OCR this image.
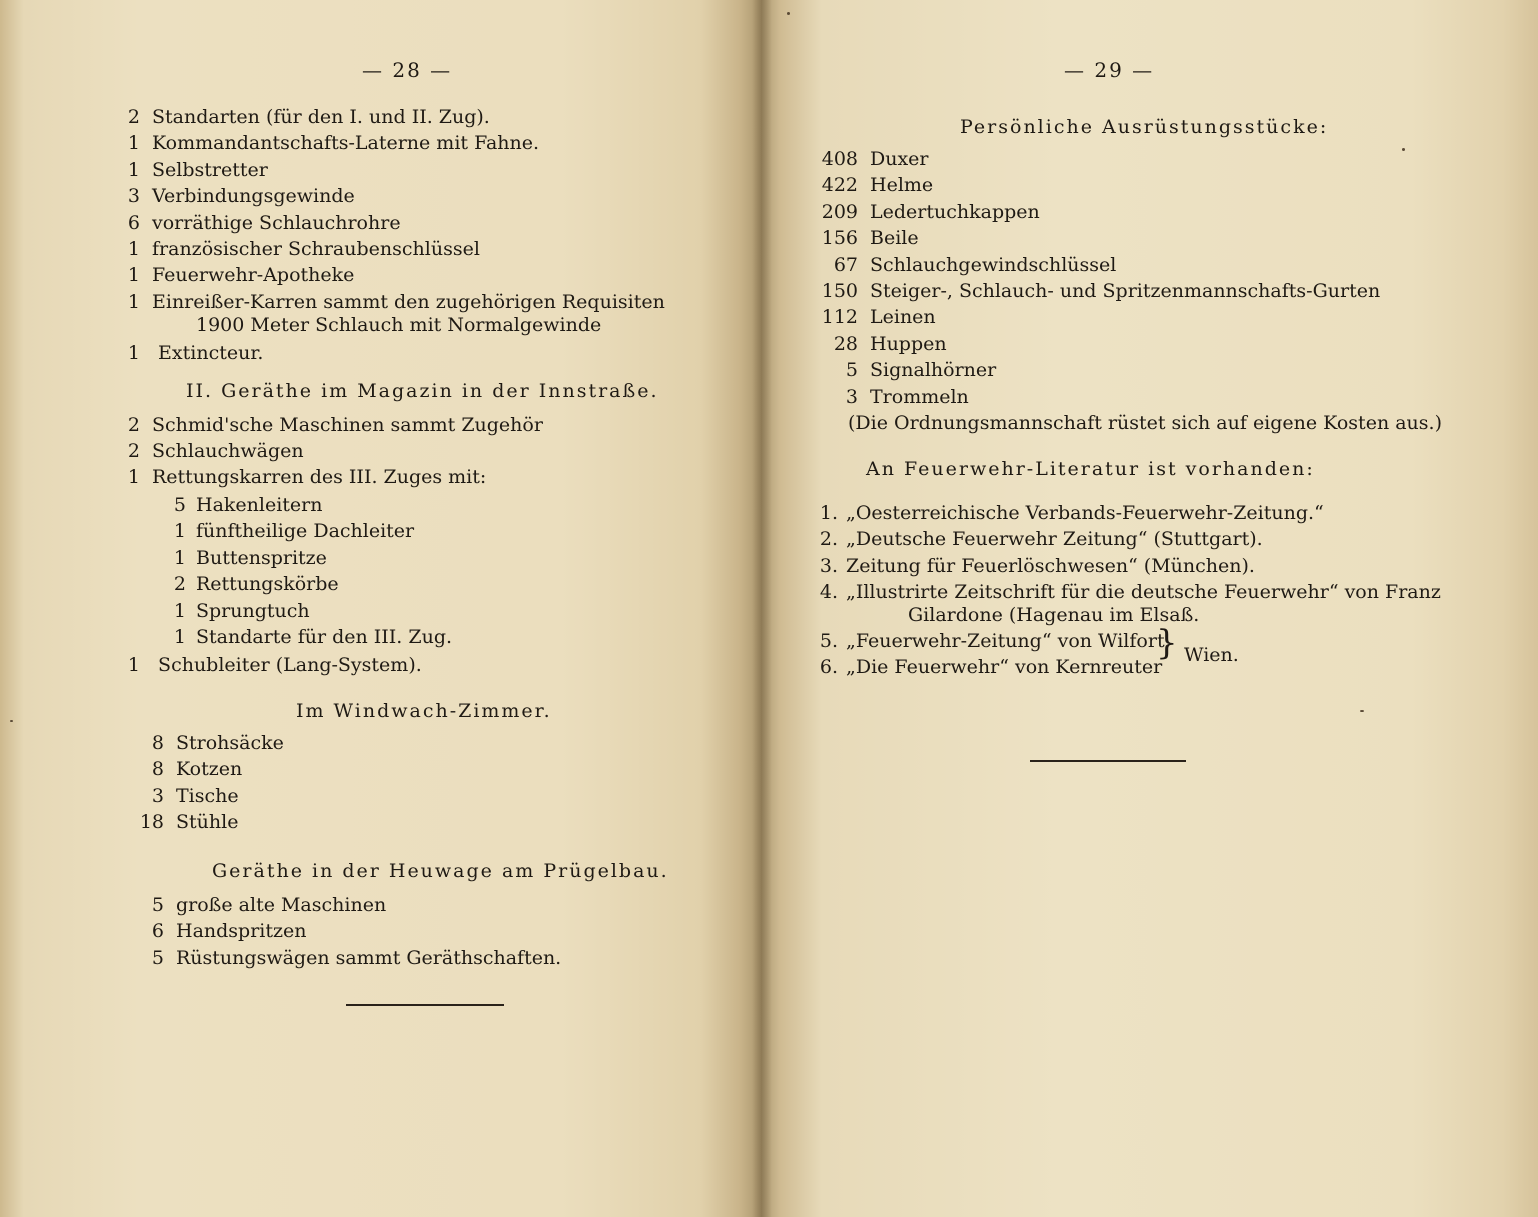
— 28 —
2 Standarten (für den I. und II. Zug).
1 Kommandantschafts-Laterne mit Fahne.
1 Selbstretter
3 Verbindungsgewinde
6 vorräthige Schlauchrohre
1 französischer Schraubenschlüssel
1 Feuerwehr-Apotheke
1 Einreißer-Karren sammt den zugehörigen Requisiten
1900 Meter Schlauch mit Normalgewinde
1 Extincteur.
II. Geräthe im Magazin in der Innstraße.
2 Schmid'sche Maschinen sammt Zugehör
2 Schlauchwägen
1 Rettungskarren des III. Zuges mit:
5 Hakenleitern
1 fünftheilige Dachleiter
1 Buttenspritze
2 Rettungskörbe
1 Sprungtuch
1 Standarte für den III. Zug.
1 Schubleiter (Lang-System).
Im Windwach-Zimmer.
8 Strohsäcke
8 Kotzen
3 Tische
18 Stühle
Geräthe in der Heuwage am Prügelbau.
5 große alte Maschinen
6 Handspritzen
5 Rüstungswägen sammt Geräthschaften.
— 29 —
Persönliche Ausrüstungsstücke:
408 Duxer
422 Helme
209 Ledertuchkappen
156 Beile
67 Schlauchgewindschlüssel
150 Steiger-, Schlauch- und Spritzenmannschafts-Gurten
112 Leinen
28 Huppen
5 Signalhörner
3 Trommeln
(Die Ordnungsmannschaft rüstet sich auf eigene Kosten aus.)
An Feuerwehr-Literatur ist vorhanden:
1. „Oesterreichische Verbands-Feuerwehr-Zeitung.“
2. „Deutsche Feuerwehr Zeitung“ (Stuttgart).
3. Zeitung für Feuerlöschwesen“ (München).
4. „Illustrirte Zeitschrift für die deutsche Feuerwehr“ von Franz
Gilardone (Hagenau im Elsaß.
5. „Feuerwehr-Zeitung“ von Wilfort
6. „Die Feuerwehr“ von Kernreuter
} Wien.
